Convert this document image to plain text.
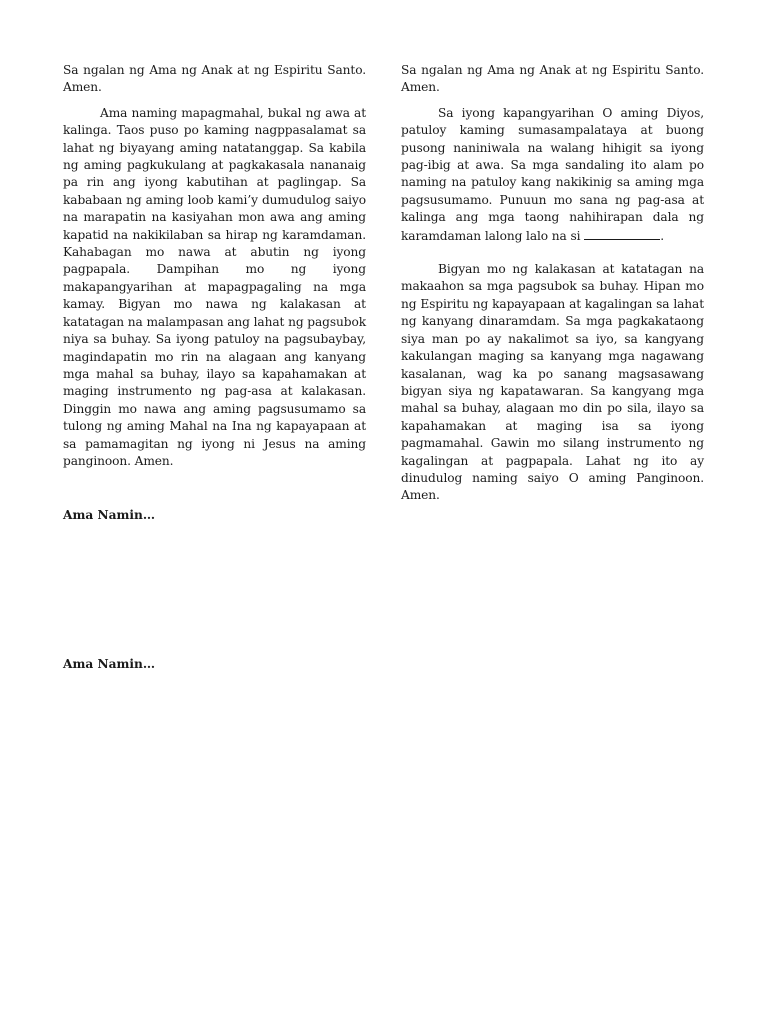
Sa ngalan ng Ama ng Anak at ng Espiritu Santo. Amen.

Ama naming mapagmahal, bukal ng awa at kalinga. Taos puso po kaming nagppasalamat sa lahat ng biyayang aming natatanggap. Sa kabila ng aming pagkukulang at pagkakasala nananaig pa rin ang iyong kabutihan at paglingap. Sa kababaan ng aming loob kami’y dumudulog saiyo na marapatin na kasiyahan mon awa ang aming kapatid na nakikilaban sa hirap ng karamdaman. Kahabagan mo nawa at abutin ng iyong pagpapala. Dampihan mo ng iyong makapangyarihan at mapagpagaling na mga kamay. Bigyan mo nawa ng kalakasan at katatagan na malampasan ang lahat ng pagsubok niya sa buhay. Sa iyong patuloy na pagsubaybay, magindapatin mo rin na alagaan ang kanyang mga mahal sa buhay, ilayo sa kapahamakan at maging instrumento ng pag-asa at kalakasan. Dinggin mo nawa ang aming pagsusumamo sa tulong ng aming Mahal na Ina ng kapayapaan at sa pamamagitan ng iyong ni Jesus na aming panginoon. Amen.

Ama Namin…

Ama Namin…

Sa ngalan ng Ama ng Anak at ng Espiritu Santo. Amen.

Sa iyong kapangyarihan O aming Diyos, patuloy kaming sumasampalataya at buong pusong naniniwala na walang hihigit sa iyong pag-ibig at awa. Sa mga sandaling ito alam po naming na patuloy kang nakikinig sa aming mga pagsusumamo. Punuun mo sana ng pag-asa at kalinga ang mga taong nahihirapan dala ng karamdaman lalong lalo na si	.

Bigyan mo ng kalakasan at katatagan na makaahon sa mga pagsubok sa buhay. Hipan mo ng Espiritu ng kapayapaan at kagalingan sa lahat ng kanyang dinaramdam. Sa mga pagkakataong siya man po ay nakalimot sa iyo, sa kangyang kakulangan maging sa kanyang mga nagawang kasalanan, wag ka po sanang magsasawang bigyan siya ng kapatawaran. Sa kangyang mga mahal sa buhay, alagaan mo din po sila, ilayo sa kapahamakan at maging isa sa iyong pagmamahal. Gawin mo silang instrumento ng kagalingan at pagpapala. Lahat ng ito ay dinudulog naming saiyo O aming Panginoon. Amen.
